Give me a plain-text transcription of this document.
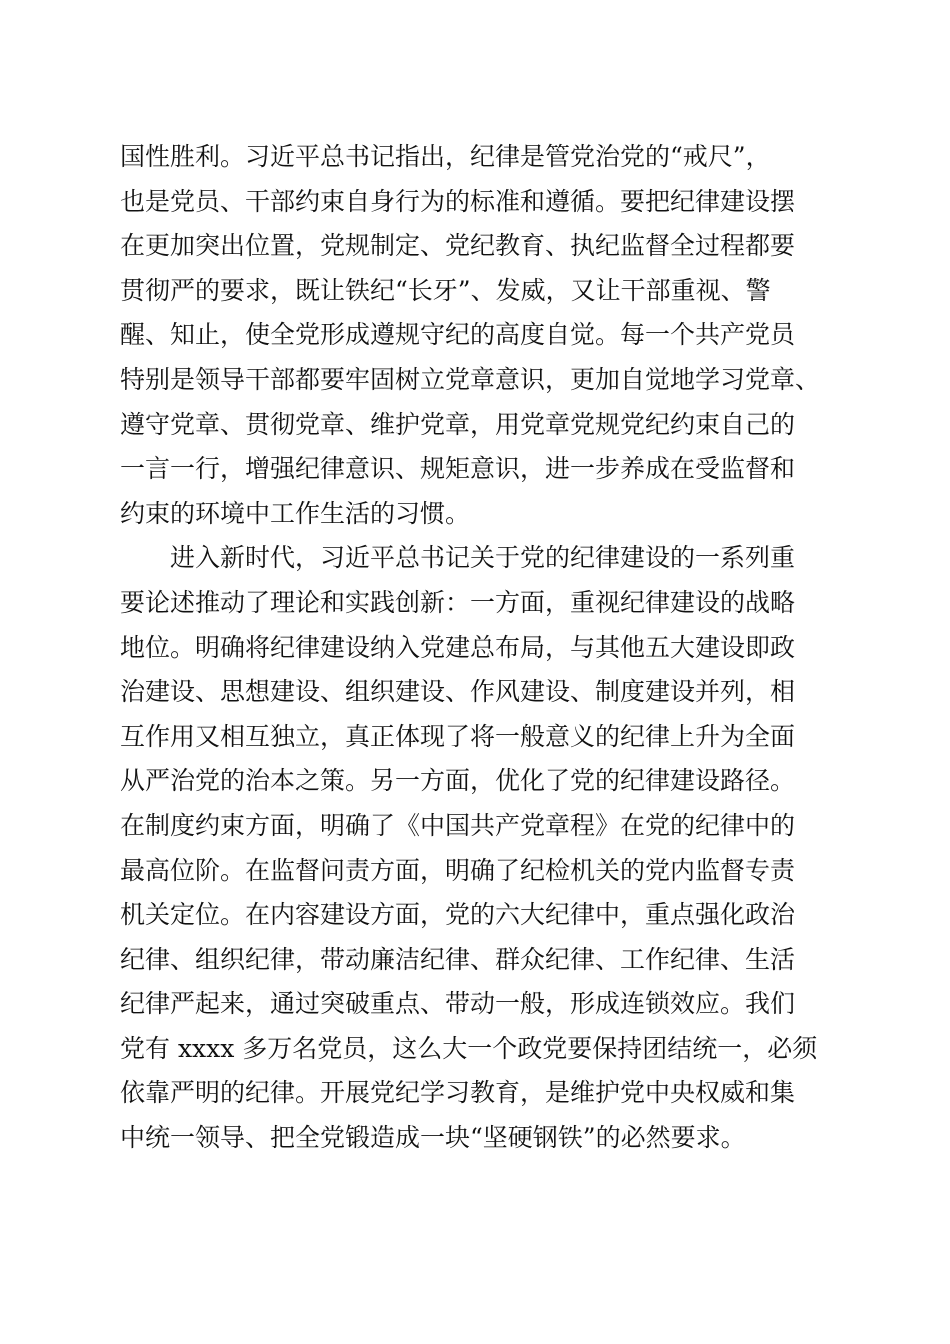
国性胜利。习近平总书记指出，纪律是管党治党的“戒尺”，
也是党员、干部约束自身行为的标准和遵循。要把纪律建设摆
在更加突出位置，党规制定、党纪教育、执纪监督全过程都要
贯彻严的要求，既让铁纪“长牙”、发威，又让干部重视、警
醒、知止，使全党形成遵规守纪的高度自觉。每一个共产党员
特别是领导干部都要牢固树立党章意识，更加自觉地学习党章、
遵守党章、贯彻党章、维护党章，用党章党规党纪约束自己的
一言一行，增强纪律意识、规矩意识，进一步养成在受监督和
约束的环境中工作生活的习惯。
进入新时代，习近平总书记关于党的纪律建设的一系列重
要论述推动了理论和实践创新：一方面，重视纪律建设的战略
地位。明确将纪律建设纳入党建总布局，与其他五大建设即政
治建设、思想建设、组织建设、作风建设、制度建设并列，相
互作用又相互独立，真正体现了将一般意义的纪律上升为全面
从严治党的治本之策。另一方面，优化了党的纪律建设路径。
在制度约束方面，明确了《中国共产党章程》在党的纪律中的
最高位阶。在监督问责方面，明确了纪检机关的党内监督专责
机关定位。在内容建设方面，党的六大纪律中，重点强化政治
纪律、组织纪律，带动廉洁纪律、群众纪律、工作纪律、生活
纪律严起来，通过突破重点、带动一般，形成连锁效应。我们
党有 xxxx 多万名党员，这么大一个政党要保持团结统一，必须
依靠严明的纪律。开展党纪学习教育，是维护党中央权威和集
中统一领导、把全党锻造成一块“坚硬钢铁”的必然要求。
